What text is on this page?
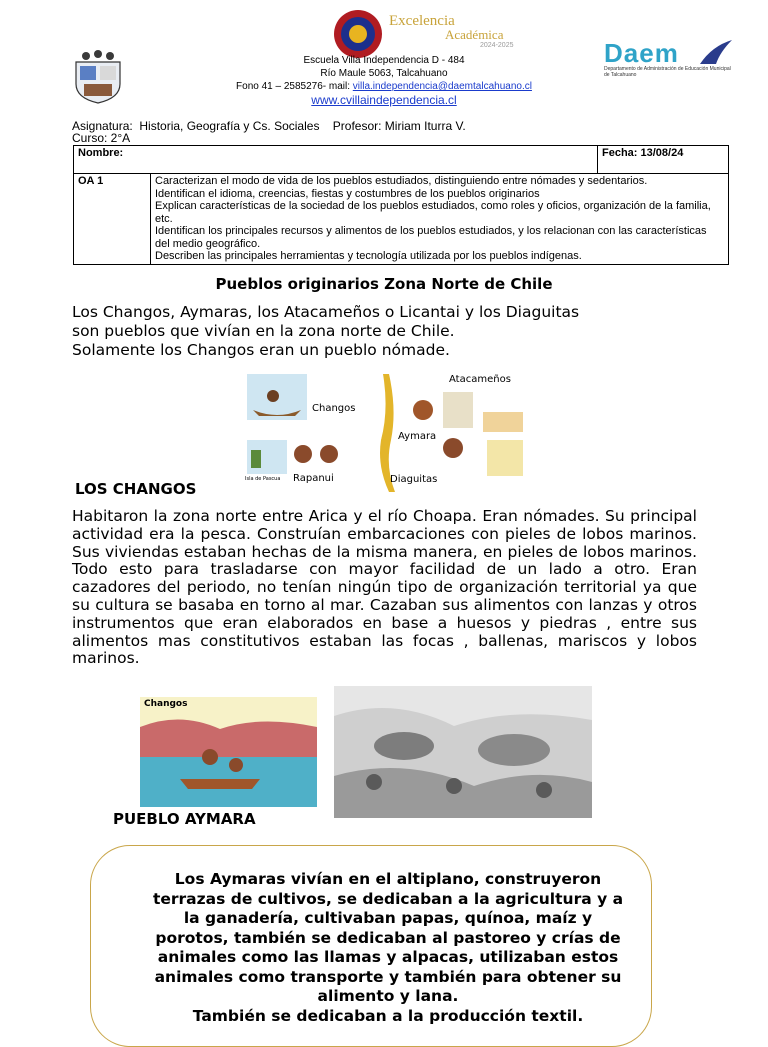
Excelencia
Académica
2024-2025	Daem
Departamento de Administración de Educación Municipal de Talcahuano
Escuela Villa Independencia D - 484
Río Maule 5063, Talcahuano
Fono 41 – 2585276- mail: villa.independencia@daemtalcahuano.cl
www.cvillaindependencia.cl
Asignatura:  Historia, Geografía y Cs. Sociales    Profesor: Miriam Iturra V.
Curso: 2°A
Nombre:		Fecha: 13/08/24
OA 1	Caracterizan el modo de vida de los pueblos estudiados, distinguiendo entre nómades y sedentarios.
Identifican el idioma, creencias, fiestas y costumbres de los pueblos originarios
Explican características de la sociedad de los pueblos estudiados, como roles y oficios, organización de la familia, etc.
Identifican los principales recursos y alimentos de los pueblos estudiados, y los relacionan con las características del medio geográfico.
Describen las principales herramientas y tecnología utilizada por los pueblos indígenas.	
Pueblos originarios Zona Norte de Chile
Los Changos, Aymaras, los Atacameños o Licantai y los Diaguitas
son pueblos que vivían en la zona norte de Chile.
Solamente los Changos eran un pueblo nómade.
Changos
Atacameños
Aymara
Isla de Pascua Rapanui	Diaguitas
LOS CHANGOS
Habitaron la zona norte entre Arica y el río Choapa. Eran nómades. Su principal actividad era la pesca. Construían embarcaciones con pieles de lobos marinos. Sus viviendas estaban hechas de la misma manera, en pieles de lobos marinos. Todo esto para trasladarse con mayor facilidad de un lado a otro. Eran cazadores del periodo, no tenían ningún tipo de organización territorial ya que su cultura se basaba en torno al mar. Cazaban sus alimentos con lanzas y otros instrumentos que eran elaborados en base a huesos y piedras , entre sus alimentos mas constitutivos estaban las focas , ballenas, mariscos y lobos marinos.
Changos
PUEBLO AYMARA
Los Aymaras vivían en el altiplano, construyeron terrazas de cultivos, se dedicaban a la agricultura y a la ganadería, cultivaban papas, quínoa, maíz y porotos, también se dedicaban al pastoreo y crías de animales como las llamas y alpacas, utilizaban estos animales como transporte y también para obtener su alimento y lana.
También se dedicaban a la producción textil.
